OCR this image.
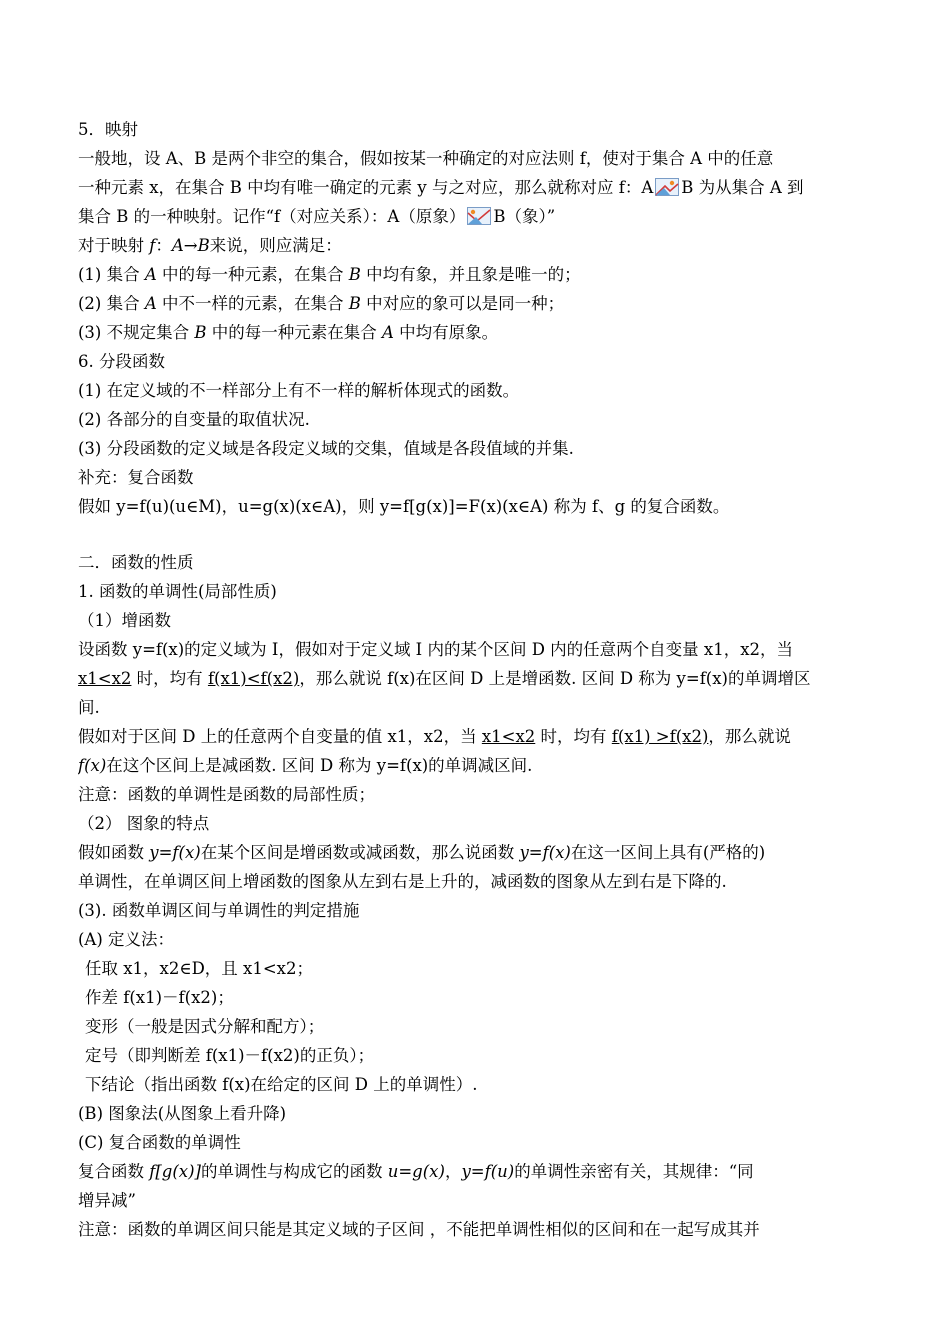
5．映射
一般地，设 A、B 是两个非空的集合，假如按某一种确定的对应法则 f，使对于集合 A 中的任意
一种元素 x，在集合 B 中均有唯一确定的元素 y 与之对应，那么就称对应 f：A B 为从集合 A 到
集合 B 的一种映射。记作“f（对应关系）：A（原象） B（象）”
对于映射 f：A→B来说，则应满足：
(1) 集合 A 中的每一种元素，在集合 B 中均有象，并且象是唯一的；
(2) 集合 A 中不一样的元素，在集合 B 中对应的象可以是同一种；
(3) 不规定集合 B 中的每一种元素在集合 A 中均有原象。
6. 分段函数
(1) 在定义域的不一样部分上有不一样的解析体现式的函数。
(2) 各部分的自变量的取值状况.
(3) 分段函数的定义域是各段定义域的交集，值域是各段值域的并集.
补充：复合函数
假如 y=f(u)(u∈M)，u=g(x)(x∈A)，则 y=f[g(x)]=F(x)(x∈A) 称为 f、g 的复合函数。
二．函数的性质
1. 函数的单调性(局部性质)
（1）增函数
设函数 y=f(x)的定义域为 I，假如对于定义域 I 内的某个区间 D 内的任意两个自变量 x1，x2，当
x1<x2 时，均有 f(x1)<f(x2)，那么就说 f(x)在区间 D 上是增函数. 区间 D 称为 y=f(x)的单调增区
间.
假如对于区间 D 上的任意两个自变量的值 x1，x2，当 x1<x2 时，均有 f(x1) >f(x2)，那么就说
f(x)在这个区间上是减函数. 区间 D 称为 y=f(x)的单调减区间.
注意：函数的单调性是函数的局部性质；
（2） 图象的特点
假如函数 y=f(x)在某个区间是增函数或减函数，那么说函数 y=f(x)在这一区间上具有(严格的)
单调性，在单调区间上增函数的图象从左到右是上升的，减函数的图象从左到右是下降的.
(3). 函数单调区间与单调性的判定措施
(A) 定义法：
任取 x1，x2∈D，且 x1<x2；
作差 f(x1)－f(x2)；
变形（一般是因式分解和配方）；
定号（即判断差 f(x1)－f(x2)的正负）；
下结论（指出函数 f(x)在给定的区间 D 上的单调性）.
(B) 图象法(从图象上看升降)
(C) 复合函数的单调性
复合函数 f[g(x)]的单调性与构成它的函数 u=g(x)，y=f(u)的单调性亲密有关，其规律：“同
增异减”
注意：函数的单调区间只能是其定义域的子区间 ，不能把单调性相似的区间和在一起写成其并
